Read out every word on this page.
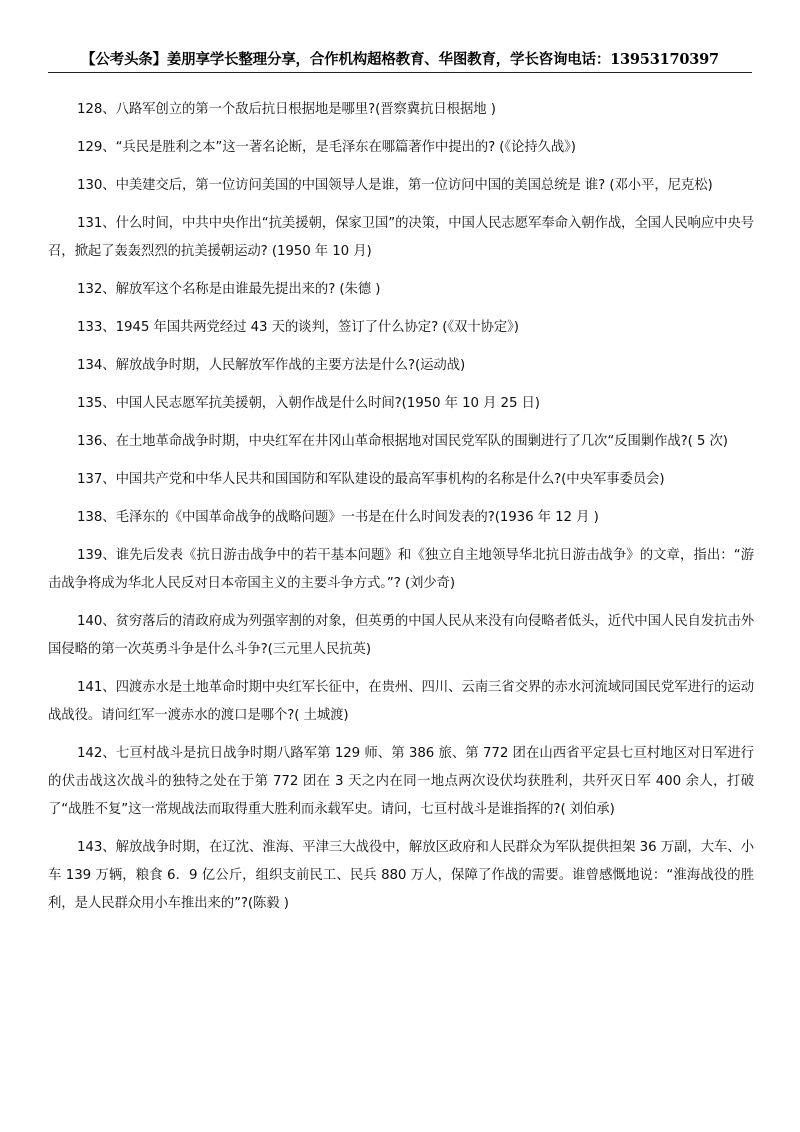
【公考头条】姜朋享学长整理分享，合作机构超格教育、华图教育，学长咨询电话：13953170397

128、八路军创立的第一个敌后抗日根据地是哪里?(晋察冀抗日根据地 )

129、“兵民是胜利之本”这一著名论断，是毛泽东在哪篇著作中提出的? (《论持久战》)

130、中美建交后，第一位访问美国的中国领导人是谁，第一位访问中国的美国总统是 谁? (邓小平，尼克松)

131、什么时间，中共中央作出“抗美援朝，保家卫国”的决策，中国人民志愿军奉命入朝作战，全国人民响应中央号召，掀起了轰轰烈烈的抗美援朝运动? (1950 年 10 月)

132、解放军这个名称是由谁最先提出来的? (朱德 )

133、1945 年国共两党经过 43 天的谈判，签订了什么协定? (《双十协定》)

134、解放战争时期，人民解放军作战的主要方法是什么?(运动战)

135、中国人民志愿军抗美援朝，入朝作战是什么时间?(1950 年 10 月 25 日)

136、在土地革命战争时期，中央红军在井冈山革命根据地对国民党军队的围剿进行了几次“反围剿作战?( 5 次)

137、中国共产党和中华人民共和国国防和军队建设的最高军事机构的名称是什么?(中央军事委员会)

138、毛泽东的《中国革命战争的战略问题》一书是在什么时间发表的?(1936 年 12 月 )

139、谁先后发表《抗日游击战争中的若干基本问题》和《独立自主地领导华北抗日游击战争》的文章，指出：“游击战争将成为华北人民反对日本帝国主义的主要斗争方式。”? (刘少奇)

140、贫穷落后的清政府成为列强宰割的对象，但英勇的中国人民从来没有向侵略者低头，近代中国人民自发抗击外国侵略的第一次英勇斗争是什么斗争?(三元里人民抗英)

141、四渡赤水是土地革命时期中央红军长征中，在贵州、四川、云南三省交界的赤水河流域同国民党军进行的运动战战役。请问红军一渡赤水的渡口是哪个?( 土城渡)

142、七亘村战斗是抗日战争时期八路军第 129 师、第 386 旅、第 772 团在山西省平定县七亘村地区对日军进行的伏击战这次战斗的独特之处在于第 772 团在 3 天之内在同一地点两次设伏均获胜利，共歼灭日军 400 余人，打破了“战胜不复”这一常规战法而取得重大胜利而永载军史。请问，七亘村战斗是谁指挥的?( 刘伯承)

143、解放战争时期，在辽沈、淮海、平津三大战役中，解放区政府和人民群众为军队提供担架 36 万副，大车、小车 139 万辆，粮食 6．9 亿公斤，组织支前民工、民兵 880 万人，保障了作战的需要。谁曾感慨地说：“淮海战役的胜利，是人民群众用小车推出来的”?(陈毅 )
